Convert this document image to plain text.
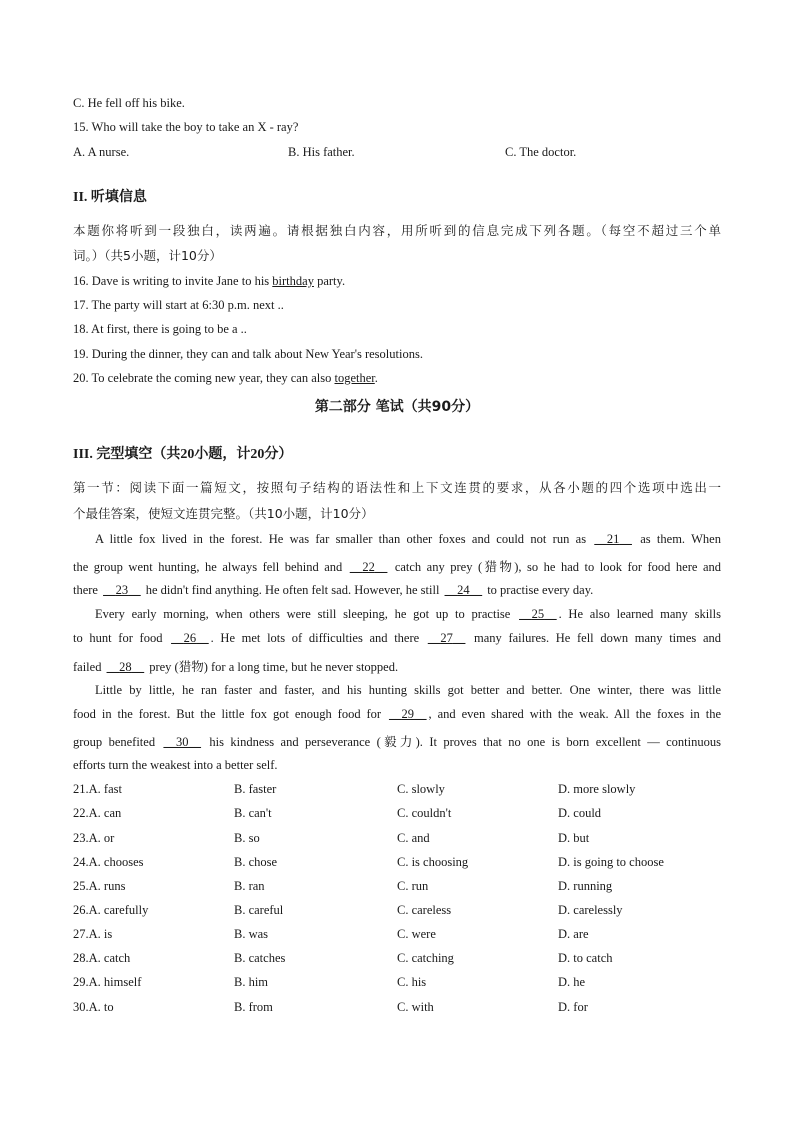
C. He fell off his bike.
15. Who will take the boy to take an X - ray?
A. A nurse.	B. His father.	C. The doctor.
II. 听填信息
本题你将听到一段独白，读两遍。请根据独白内容，用所听到的信息完成下列各题。（每空不超过三个单
词。）（共5小题，计10分）
16. Dave is writing to invite Jane to his birthday party.
17. The party will start at 6:30 p.m. next ..
18. At first, there is going to be a ..
19. During the dinner, they can and talk about New Year's resolutions.
20. To celebrate the coming new year, they can also together.
第二部分 笔试（共90分）
III. 完型填空（共20小题，计20分）
第一节：阅读下面一篇短文，按照句子结构的语法性和上下文连贯的要求，从各小题的四个选项中选出一
个最佳答案，使短文连贯完整。（共10小题，计10分）
A little fox lived in the forest. He was far smaller than other foxes and could not run as __21__ as them. When
the group went hunting, he always fell behind and __22__ catch any prey (猎物), so he had to look for food here and
there __23__ he didn't find anything. He often felt sad. However, he still __24__ to practise every day.
Every early morning, when others were still sleeping, he got up to practise __25__ . He also learned many skills
to hunt for food __26__ . He met lots of difficulties and there __27__ many failures. He fell down many times and
failed __28__ prey (猎物) for a long time, but he never stopped.
Little by little, he ran faster and faster, and his hunting skills got better and better. One winter, there was little
food in the forest. But the little fox got enough food for __29__ , and even shared with the weak. All the foxes in the
group benefited __30__ his kindness and perseverance (毅力). It proves that no one is born excellent — continuous
efforts turn the weakest into a better self.
21.A. fast	B. faster	C. slowly	D. more slowly
22.A. can	B. can't	C. couldn't	D. could
23.A. or	B. so	C. and	D. but
24.A. chooses	B. chose	C. is choosing	D. is going to choose
25.A. runs	B. ran	C. run	D. running
26.A. carefully	B. careful	C. careless	D. carelessly
27.A. is	B. was	C. were	D. are
28.A. catch	B. catches	C. catching	D. to catch
29.A. himself	B. him	C. his	D. he
30.A. to	B. from	C. with	D. for
